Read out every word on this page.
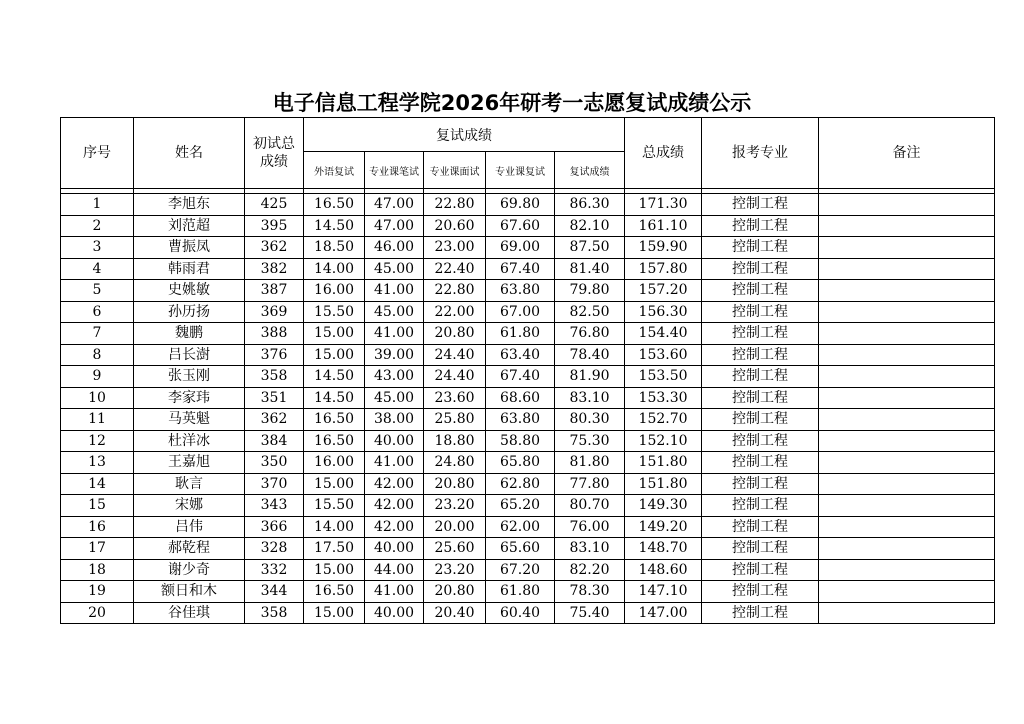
电子信息工程学院2026年研考一志愿复试成绩公示
序号	姓名	初试总
成绩	复试成绩					总成绩	报考专业	备注
			外语复试	专业课笔试	专业课面试	专业课复试	复试成绩			

1	李旭东	425	16.50	47.00	22.80	69.80	86.30	171.30	控制工程	
2	刘范超	395	14.50	47.00	20.60	67.60	82.10	161.10	控制工程	
3	曹振凤	362	18.50	46.00	23.00	69.00	87.50	159.90	控制工程	
4	韩雨君	382	14.00	45.00	22.40	67.40	81.40	157.80	控制工程	
5	史姚敏	387	16.00	41.00	22.80	63.80	79.80	157.20	控制工程	
6	孙历扬	369	15.50	45.00	22.00	67.00	82.50	156.30	控制工程	
7	魏鹏	388	15.00	41.00	20.80	61.80	76.80	154.40	控制工程	
8	吕长澍	376	15.00	39.00	24.40	63.40	78.40	153.60	控制工程	
9	张玉刚	358	14.50	43.00	24.40	67.40	81.90	153.50	控制工程	
10	李家玮	351	14.50	45.00	23.60	68.60	83.10	153.30	控制工程	
11	马英魁	362	16.50	38.00	25.80	63.80	80.30	152.70	控制工程	
12	杜洋冰	384	16.50	40.00	18.80	58.80	75.30	152.10	控制工程	
13	王嘉旭	350	16.00	41.00	24.80	65.80	81.80	151.80	控制工程	
14	耿言	370	15.00	42.00	20.80	62.80	77.80	151.80	控制工程	
15	宋娜	343	15.50	42.00	23.20	65.20	80.70	149.30	控制工程	
16	吕伟	366	14.00	42.00	20.00	62.00	76.00	149.20	控制工程	
17	郝乾程	328	17.50	40.00	25.60	65.60	83.10	148.70	控制工程	
18	谢少奇	332	15.00	44.00	23.20	67.20	82.20	148.60	控制工程	
19	额日和木	344	16.50	41.00	20.80	61.80	78.30	147.10	控制工程	
20	谷佳琪	358	15.00	40.00	20.40	60.40	75.40	147.00	控制工程	
